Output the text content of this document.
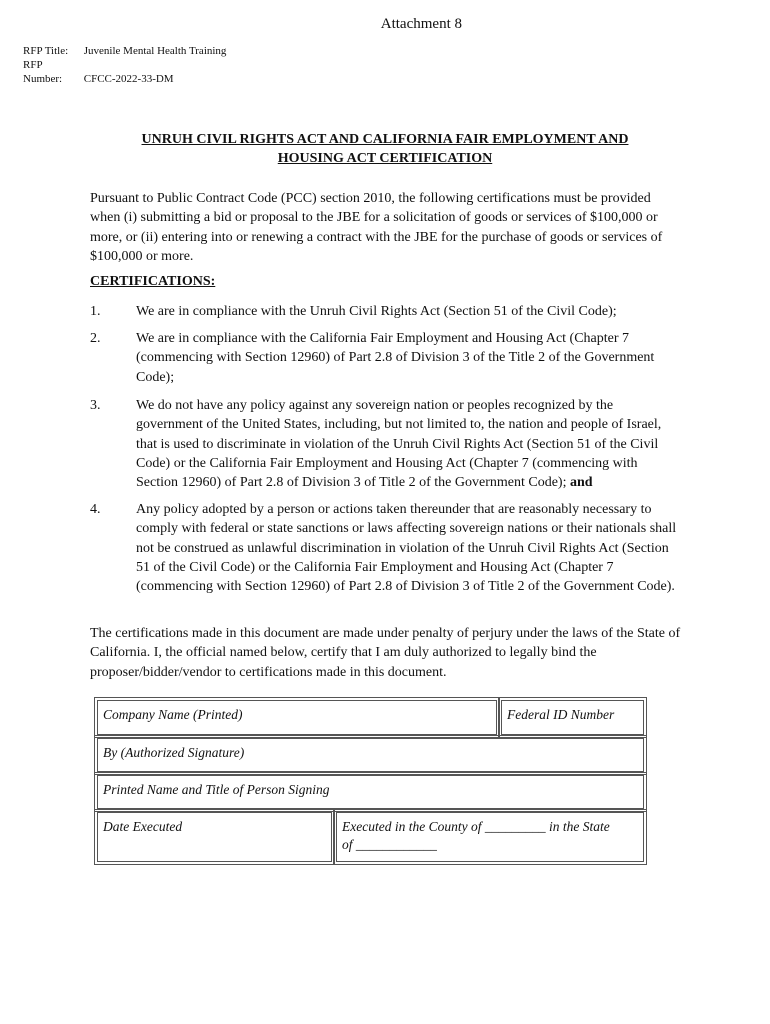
Attachment 8
RFP Title: Juvenile Mental Health Training
RFP Number: CFCC-2022-33-DM
UNRUH CIVIL RIGHTS ACT AND CALIFORNIA FAIR EMPLOYMENT AND
HOUSING ACT CERTIFICATION
Pursuant to Public Contract Code (PCC) section 2010, the following certifications must be provided when (i) submitting a bid or proposal to the JBE for a solicitation of goods or services of $100,000 or more, or (ii) entering into or renewing a contract with the JBE for the purchase of goods or services of $100,000 or more.
CERTIFICATIONS:
1.	We are in compliance with the Unruh Civil Rights Act (Section 51 of the Civil Code);
2.	We are in compliance with the California Fair Employment and Housing Act (Chapter 7 (commencing with Section 12960) of Part 2.8 of Division 3 of the Title 2 of the Government Code);
3.	We do not have any policy against any sovereign nation or peoples recognized by the government of the United States, including, but not limited to, the nation and people of Israel, that is used to discriminate in violation of the Unruh Civil Rights Act (Section 51 of the Civil Code) or the California Fair Employment and Housing Act (Chapter 7 (commencing with Section 12960) of Part 2.8 of Division 3 of Title 2 of the Government Code); and
4.	Any policy adopted by a person or actions taken thereunder that are reasonably necessary to comply with federal or state sanctions or laws affecting sovereign nations or their nationals shall not be construed as unlawful discrimination in violation of the Unruh Civil Rights Act (Section 51 of the Civil Code) or the California Fair Employment and Housing Act (Chapter 7 (commencing with Section 12960) of Part 2.8 of Division 3 of Title 2 of the Government Code).
The certifications made in this document are made under penalty of perjury under the laws of the State of California. I, the official named below, certify that I am duly authorized to legally bind the proposer/bidder/vendor to certifications made in this document.
Company Name (Printed)	Federal ID Number
By (Authorized Signature)
Printed Name and Title of Person Signing
Date Executed	Executed in the County of _________ in the State
of ____________
